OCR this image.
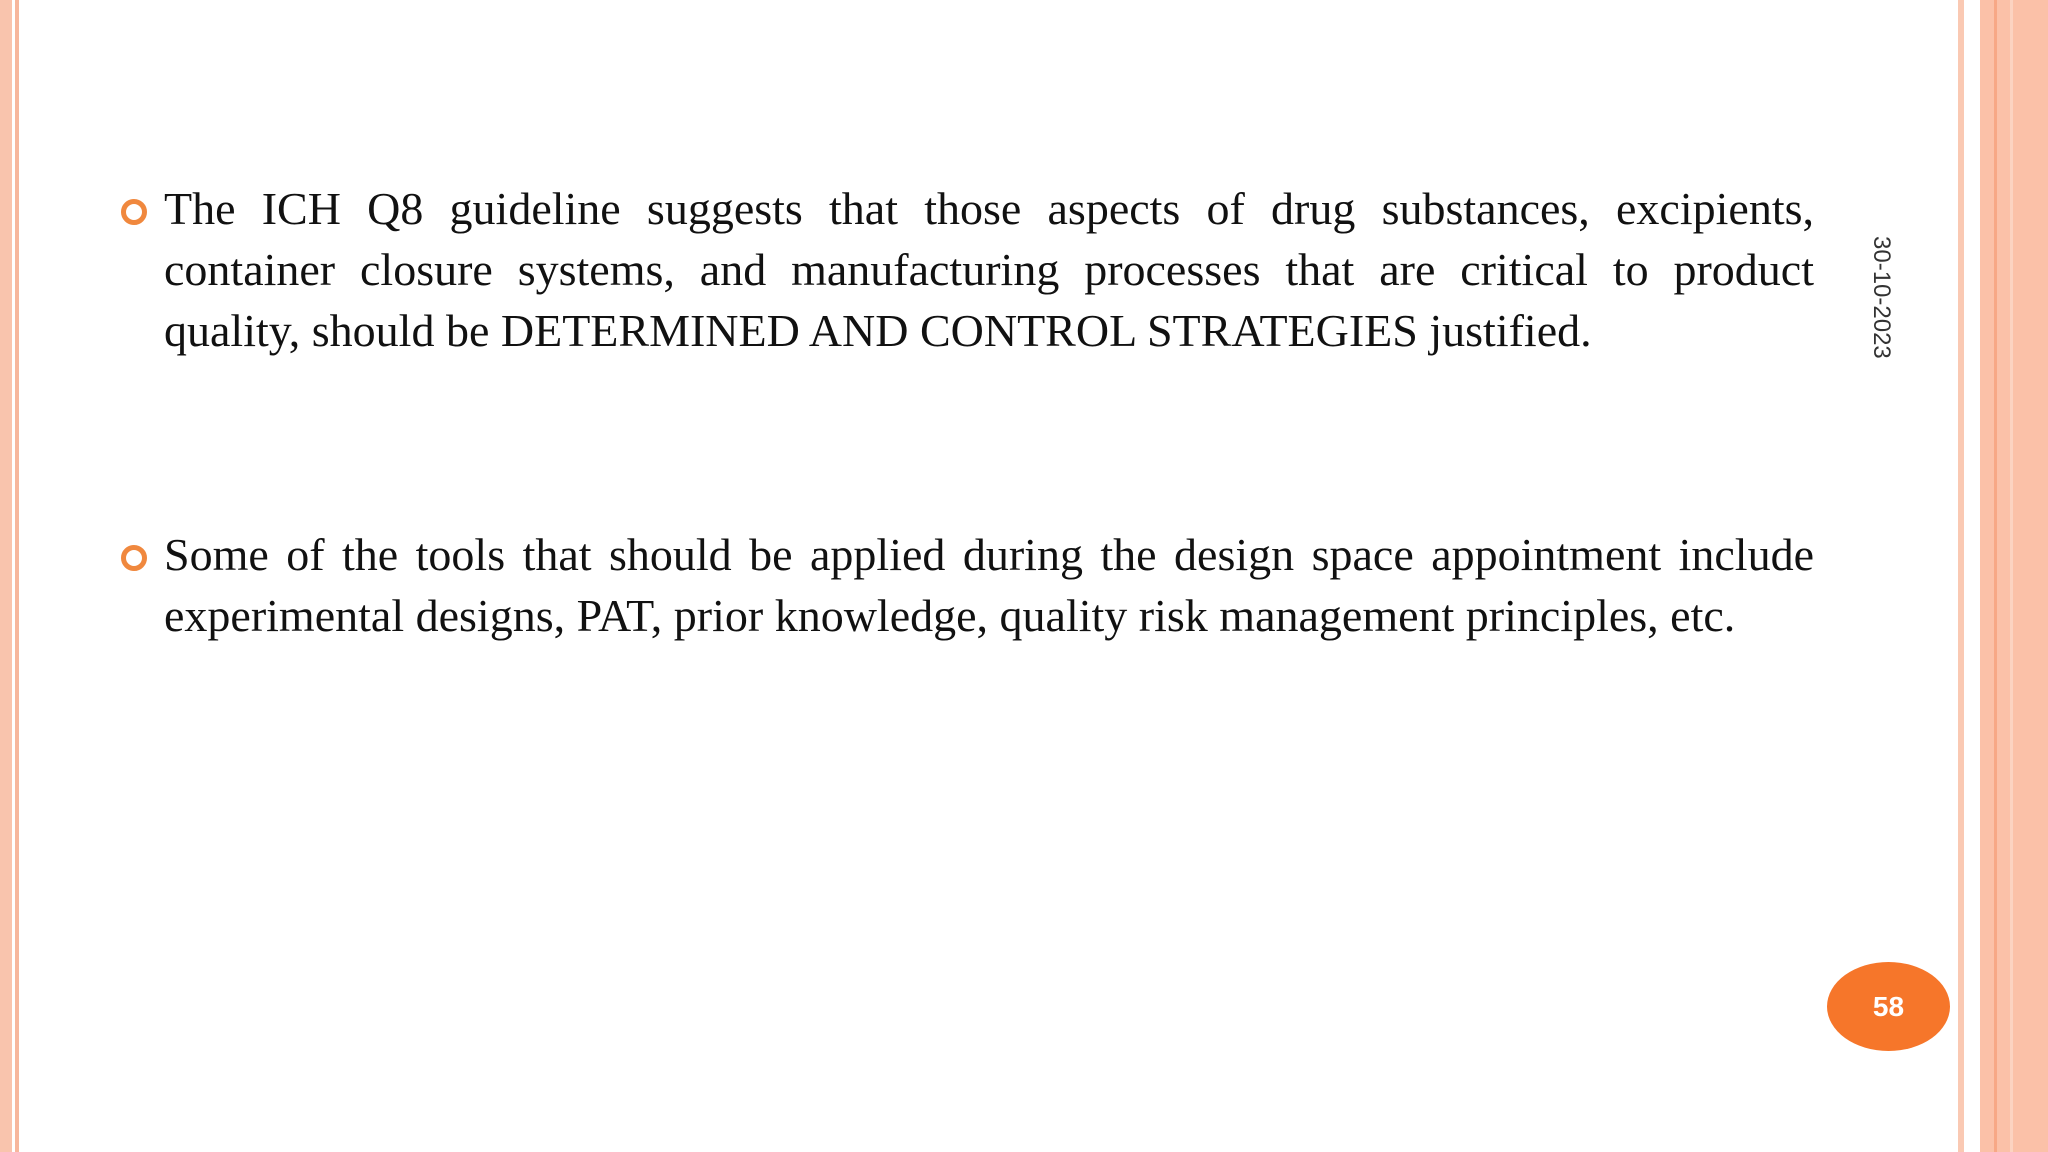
The ICH Q8 guideline suggests that those aspects of drug substances, excipients, container closure systems, and manufacturing processes that are critical to product quality, should be DETERMINED AND CONTROL STRATEGIES justified.
Some of the tools that should be applied during the design space appointment include experimental designs, PAT, prior knowledge, quality risk management principles, etc.
30-10-2023
58
